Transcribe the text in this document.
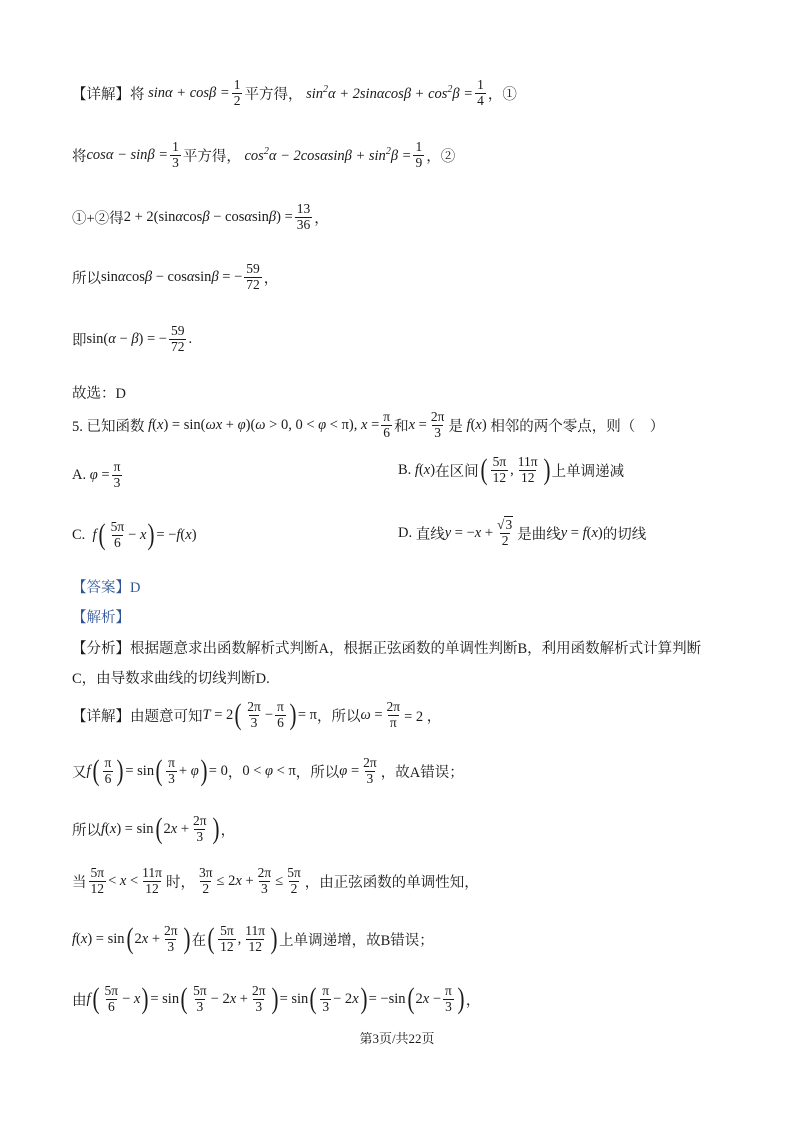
【详解】将 $\sin\alpha + \cos\beta = \frac{1}{2}$ 平方得， $\sin^2\alpha + 2\sin\alpha\cos\beta + \cos^2\beta = \frac{1}{4}$ ，①
将 $\cos\alpha - \sin\beta = \frac{1}{3}$ 平方得， $\cos^2\alpha - 2\cos\alpha\sin\beta + \sin^2\beta = \frac{1}{9}$ ，②
①+②得 $2 + 2(\sin\alpha\cos\beta - \cos\alpha\sin\beta) = \frac{13}{36}$ ，
所以 sinαcosβ − cosαsinβ = − $\frac{59}{72}$ ，
即 sin(α − β) = − $\frac{59}{72}$ .
故选：D
5. 已知函数 f(x) = sin(ωx + φ)(ω > 0, 0 < φ < π), $x = \frac{\pi}{6}$ 和 $x = \frac{2\pi}{3}$ 是 f(x) 相邻的两个零点，则（　）
A. $\varphi = \frac{\pi}{3}$	B. f(x) 在区间 ( $\frac{5\pi}{12}$ , $\frac{11\pi}{12}$ ) 上单调递减
C. f ( $\frac{5\pi}{6} - x$ ) = −f(x)	D.
直线 $y = -x + \frac{√3}{2}$ 是曲线 y = f(x) 的切线
【答案】D
【解析】
【分析】根据题意求出函数解析式判断A，根据正弦函数的单调性判断B，利用函数解析式计算判断C，由导数求曲线的切线判断D.
【详解】由题意可知 T = 2 ( $\frac{2\pi}{3} - \frac{\pi}{6}$ ) = π ，所以 $\omega = \frac{2\pi}{\pi} = 2$ ，
又 f ( $\frac{\pi}{6}$ ) = sin ( $\frac{\pi}{3} + \varphi$ ) = 0 ， 0 < φ < π ，所以 $\varphi = \frac{2\pi}{3}$ ，故A错误；
所以 f(x) = sin ( $2x + \frac{2\pi}{3}$ ) ，
当 $\frac{5\pi}{12} < x < \frac{11\pi}{12}$ 时， $\frac{3\pi}{2} \le 2x + \frac{2\pi}{3} \le \frac{5\pi}{2}$ ，由正弦函数的单调性知，
f(x) = sin ( $2x + \frac{2\pi}{3}$ ) 在 ( $\frac{5\pi}{12}$ , $\frac{11\pi}{12}$ ) 上单调递增，故B错误；
由 f ( $\frac{5\pi}{6} - x$ ) = sin ( $\frac{5\pi}{3} - 2x + \frac{2\pi}{3}$ ) = sin ( $\frac{\pi}{3} - 2x$ ) = −sin ( $2x - \frac{\pi}{3}$ ) ，
第3页/共22页
